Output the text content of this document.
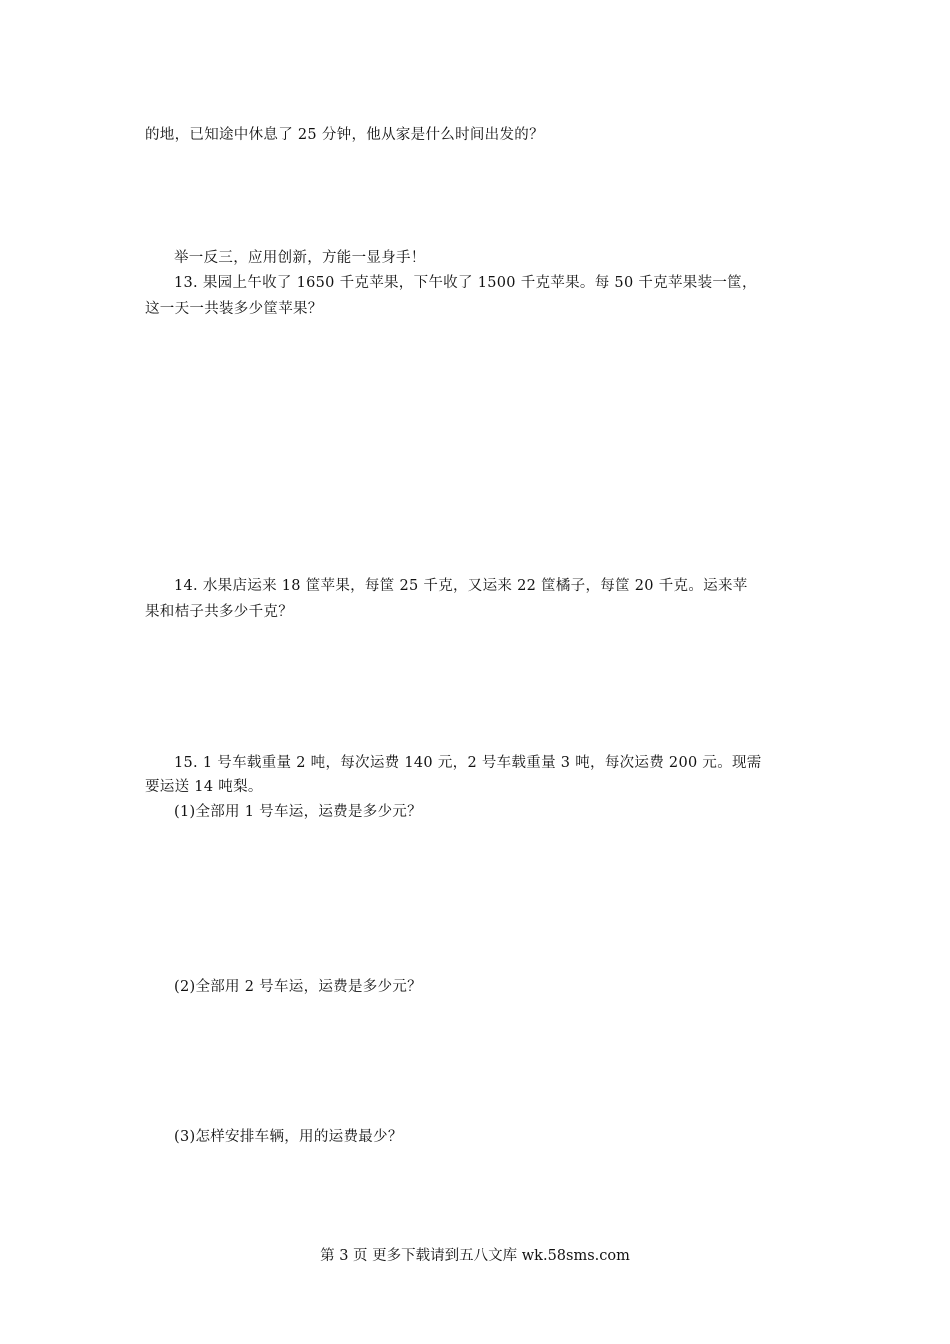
的地，已知途中休息了 25 分钟，他从家是什么时间出发的？
举一反三，应用创新，方能一显身手！
13. 果园上午收了 1650 千克苹果，下午收了 1500 千克苹果。每 50 千克苹果装一筐，
这一天一共装多少筐苹果？
14. 水果店运来 18 筐苹果，每筐 25 千克，又运来 22 筐橘子，每筐 20 千克。运来苹
果和桔子共多少千克？
15. 1 号车载重量 2 吨，每次运费 140 元，2 号车载重量 3 吨，每次运费 200 元。现需
要运送 14 吨梨。
(1)全部用 1 号车运，运费是多少元？
(2)全部用 2 号车运，运费是多少元？
(3)怎样安排车辆，用的运费最少？
第 3 页 更多下载请到五八文库 wk.58sms.com
